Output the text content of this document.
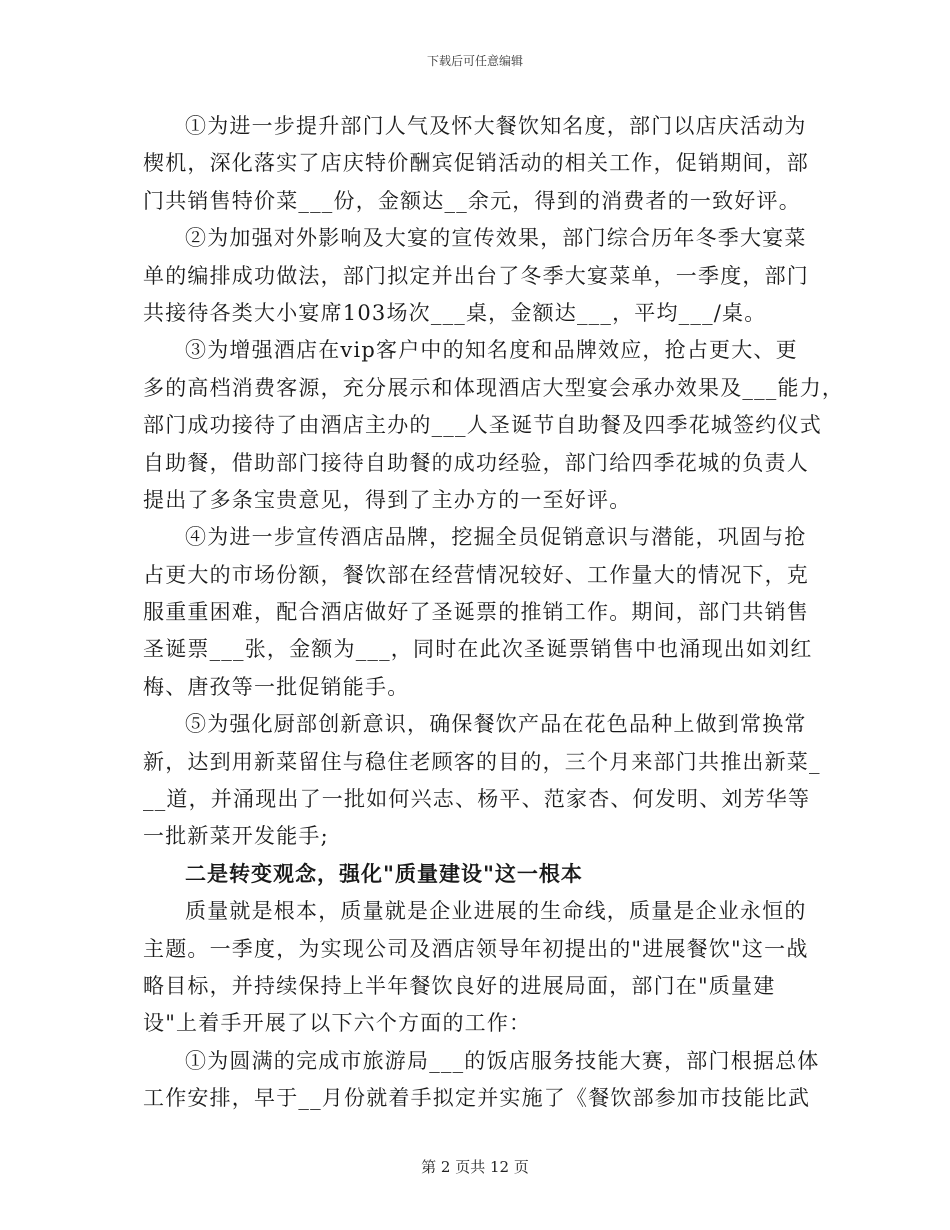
下载后可任意编辑
①为进一步提升部门人气及怀大餐饮知名度，部门以店庆活动为
楔机，深化落实了店庆特价酬宾促销活动的相关工作，促销期间，部
门共销售特价菜___份，金额达__余元，得到的消费者的一致好评。
②为加强对外影响及大宴的宣传效果，部门综合历年冬季大宴菜
单的编排成功做法，部门拟定并出台了冬季大宴菜单，一季度，部门
共接待各类大小宴席103场次___桌，金额达___，平均___/桌。
③为增强酒店在vip客户中的知名度和品牌效应，抢占更大、更
多的高档消费客源，充分展示和体现酒店大型宴会承办效果及___能力，
部门成功接待了由酒店主办的___人圣诞节自助餐及四季花城签约仪式
自助餐，借助部门接待自助餐的成功经验，部门给四季花城的负责人
提出了多条宝贵意见，得到了主办方的一至好评。
④为进一步宣传酒店品牌，挖掘全员促销意识与潜能，巩固与抢
占更大的市场份额，餐饮部在经营情况较好、工作量大的情况下，克
服重重困难，配合酒店做好了圣诞票的推销工作。期间，部门共销售
圣诞票___张，金额为___，同时在此次圣诞票销售中也涌现出如刘红
梅、唐孜等一批促销能手。
⑤为强化厨部创新意识，确保餐饮产品在花色品种上做到常换常
新，达到用新菜留住与稳住老顾客的目的，三个月来部门共推出新菜_
__道，并涌现出了一批如何兴志、杨平、范家杏、何发明、刘芳华等
一批新菜开发能手;
二是转变观念，强化"质量建设"这一根本
质量就是根本，质量就是企业进展的生命线，质量是企业永恒的
主题。一季度，为实现公司及酒店领导年初提出的"进展餐饮"这一战
略目标，并持续保持上半年餐饮良好的进展局面，部门在"质量建
设"上着手开展了以下六个方面的工作：
①为圆满的完成市旅游局___的饭店服务技能大赛，部门根据总体
工作安排，早于__月份就着手拟定并实施了《餐饮部参加市技能比武
第 2 页共 12 页
